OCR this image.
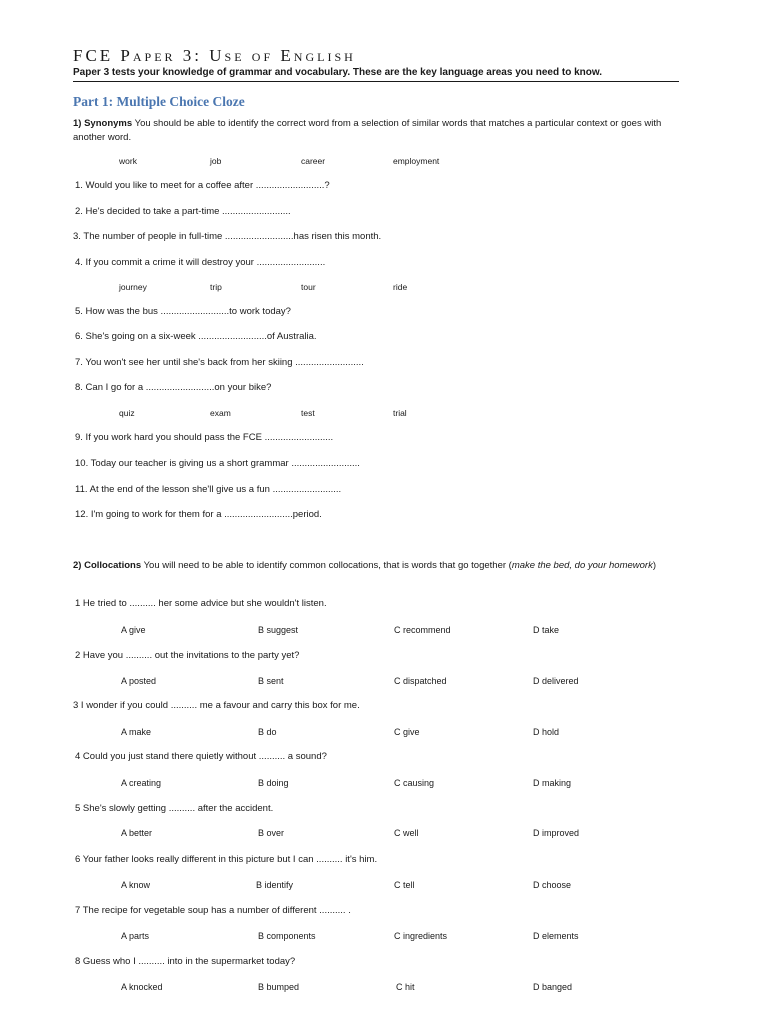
FCE Paper 3: Use of English
Paper 3 tests your knowledge of grammar and vocabulary. These are the key language areas you need to know.
Part 1: Multiple Choice Cloze
1) Synonyms You should be able to identify the correct word from a selection of similar words that matches a particular context or goes with another word.
work	job	career	employment
1. Would you like to meet for a coffee after ..........................?
2. He's decided to take a part-time ..........................
3. The number of people in full-time ..........................has risen this month.
4. If you commit a crime it will destroy your ..........................
journey	trip	tour	ride
5. How was the bus ..........................to work today?
6. She's going on a six-week ..........................of Australia.
7. You won't see her until she's back from her skiing ..........................
8. Can I go for a ..........................on your bike?
quiz	exam	test	trial
9. If you work hard you should pass the FCE ..........................
10. Today our teacher is giving us a short grammar ..........................
11. At the end of the lesson she'll give us a fun ..........................
12. I'm going to work for them for a ..........................period.
2) Collocations You will need to be able to identify common collocations, that is words that go together (make the bed, do your homework)
1 He tried to .......... her some advice but she wouldn't listen.
A give	B suggest	C recommend	D take
2 Have you .......... out the invitations to the party yet?
A posted	B sent	C dispatched	D delivered
3 I wonder if you could .......... me a favour and carry this box for me.
A make	B do	C give	D hold
4 Could you just stand there quietly without .......... a sound?
A creating	B doing	C causing	D making
5 She's slowly getting .......... after the accident.
A better	B over	C well	D improved
6 Your father looks really different in this picture but I can .......... it's him.
A know	B identify	C tell	D choose
7 The recipe for vegetable soup has a number of different .......... .
A parts	B components	C ingredients	D elements
8 Guess who I .......... into in the supermarket today?
A knocked	B bumped	C hit	D banged
